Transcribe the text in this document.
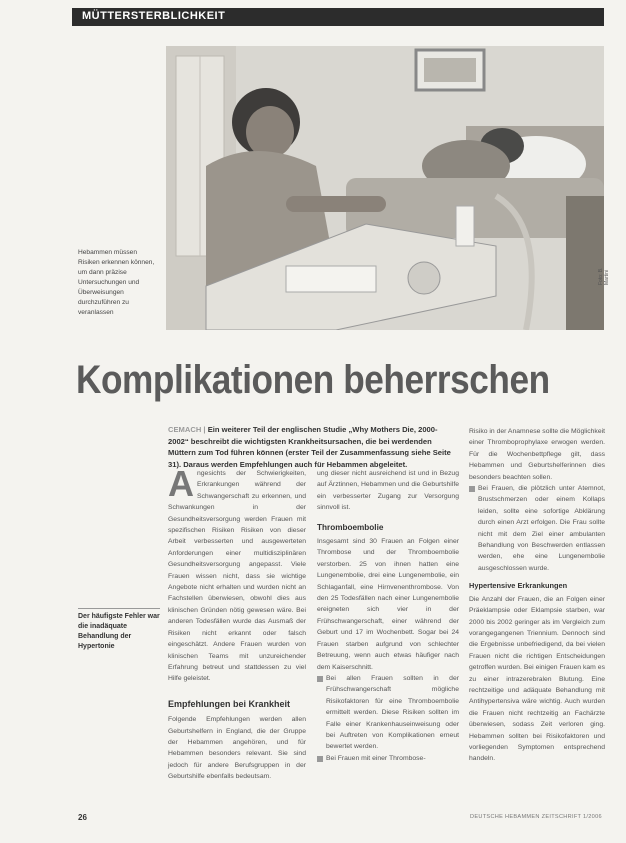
MÜTTERSTERBLICHKEIT
Hebammen müssen Risiken erkennen können, um dann präzise Untersuchungen und Überweisungen durchzuführen zu veranlassen
Foto: B. Martini
Komplikationen beherrschen
CEMACH | Ein weiterer Teil der englischen Studie „Why Mothers Die, 2000-2002“ beschreibt die wichtigsten Krankheitsursachen, die bei werdenden Müttern zum Tod führen können (erster Teil der Zusammenfassung siehe Seite 31). Daraus werden Empfehlungen auch für Hebammen abgeleitet.
A ngesichts der Schwierigkeiten, Erkrankungen während der Schwangerschaft zu erkennen, und Schwankungen in der Gesundheitsversorgung werden Frauen mit spezifischen Risiken Risiken von dieser Arbeit verbesserten und ausgewerteten Anforderungen einer multidisziplinären Gesundheitsversorgung angepasst. Viele Frauen wissen nicht, dass sie wichtige Angebote nicht erhalten und wurden nicht an Fachstellen überwiesen, obwohl dies aus klinischen Gründen nötig gewesen wäre. Bei anderen Todesfällen wurde das Ausmaß der Risiken nicht erkannt oder falsch eingeschätzt. Andere Frauen wurden von klinischen Teams mit unzureichender Erfahrung betreut und stattdessen zu viel Hilfe geleistet.

Empfehlungen bei Krankheit

Folgende Empfehlungen werden allen Geburtshelfern in England, die der Gruppe der Hebammen angehören, und für Hebammen besonders relevant. Sie sind jedoch für andere Berufsgruppen in der Geburtshilfe ebenfalls bedeutsam.

ung dieser nicht ausreichend ist und in Bezug auf Ärztinnen, Hebammen und die Geburtshilfe ein verbesserter Zugang zur Versorgung sinnvoll ist.

Thromboembolie

Insgesamt sind 30 Frauen an Folgen einer Thrombose und der Thromboembolie verstorben. 25 von ihnen hatten eine Lungenembolie, drei eine Lungenembolie, ein Schlaganfall, eine Hirnvenenthrombose. Von den 25 Todesfällen nach einer Lungenembolie ereigneten sich vier in der Frühschwangerschaft, einer während der Geburt und 17 im Wochenbett. Sogar bei 24 Frauen starben aufgrund von schlechter Betreuung, wenn auch etwas häufiger nach dem Kaiserschnitt.

Bei allen Frauen sollten in der Frühschwangerschaft mögliche Risikofaktoren für eine Thromboembolie ermittelt werden. Diese Risiken sollten im Falle einer Krankenhauseinweisung oder bei Auftreten von Komplikationen erneut bewertet werden.
Bei Frauen mit einer Thrombose-

Risiko in der Anamnese sollte die Möglichkeit einer Thromboprophylaxe erwogen werden. Für die Wochenbettpflege gilt, dass Hebammen und Geburtshelferinnen dies besonders beachten sollen.

Bei Frauen, die plötzlich unter Atemnot, Brustschmerzen oder einem Kollaps leiden, sollte eine sofortige Abklärung durch einen Arzt erfolgen. Die Frau sollte nicht mit dem Ziel einer ambulanten Behandlung von Beschwerden entlassen werden, ehe eine Lungenembolie ausgeschlossen wurde.
Hypertensive Erkrankungen

Die Anzahl der Frauen, die an Folgen einer Präeklampsie oder Eklampsie starben, war 2000 bis 2002 geringer als im Vergleich zum vorangegangenen Triennium. Dennoch sind die Ergebnisse unbefriedigend, da bei vielen Frauen nicht die richtigen Entscheidungen getroffen wurden. Bei einigen Frauen kam es zu einer intrazerebralen Blutung. Eine rechtzeitige und adäquate Behandlung mit Antihypertensiva wäre wichtig. Auch wurden die Frauen nicht rechtzeitig an Fachärzte überwiesen, sodass Zeit verloren ging. Hebammen sollten bei Risikofaktoren und vorliegenden Symptomen entsprechend handeln.

Der häufigste Fehler war die inadäquate Behandlung der Hypertonie
26	DEUTSCHE HEBAMMEN ZEITSCHRIFT 1/2006
